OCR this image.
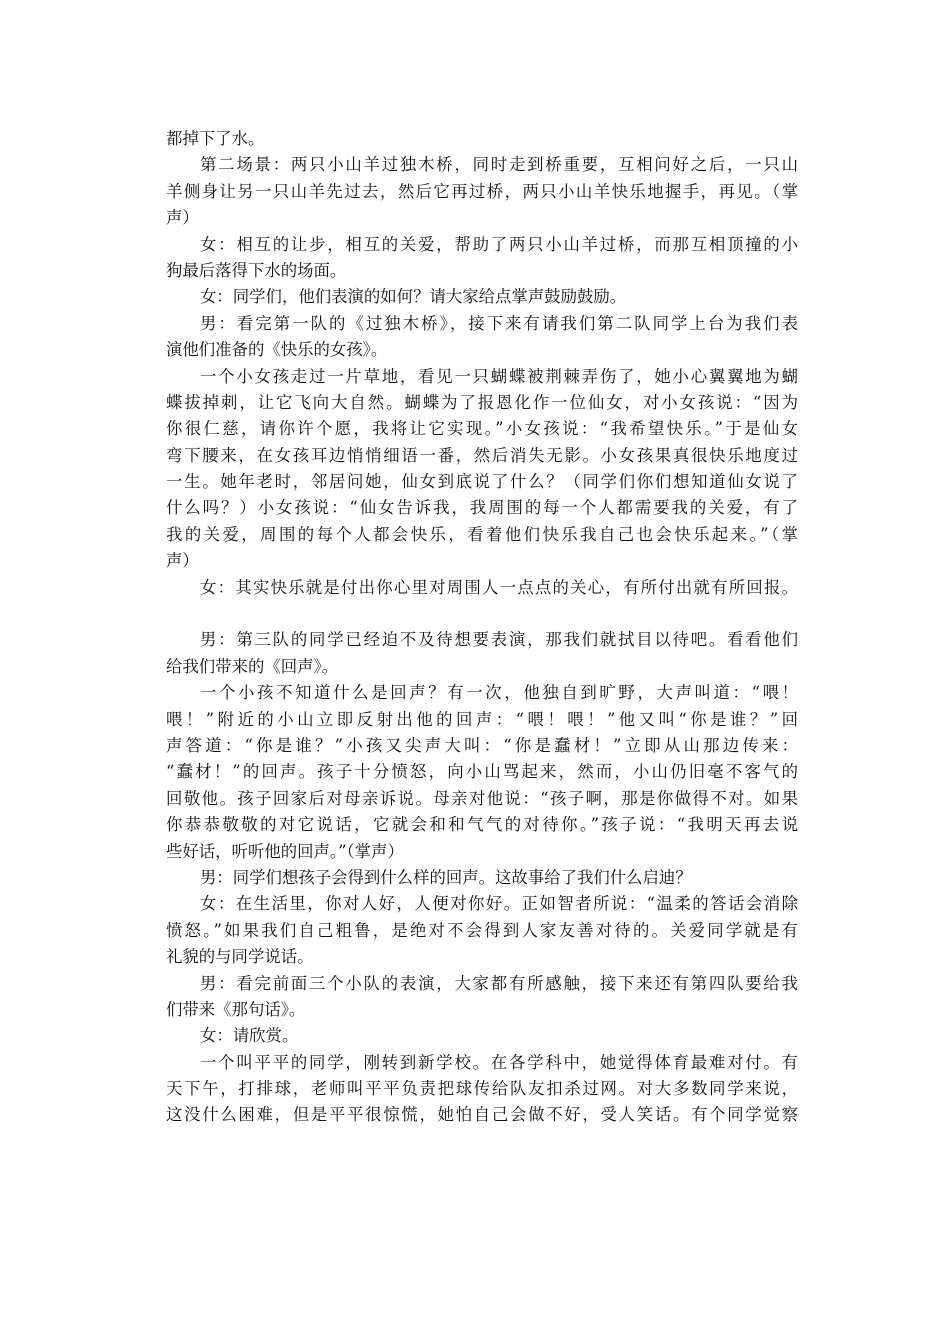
都掉下了水。
第二场景：两只小山羊过独木桥，同时走到桥重要，互相问好之后，一只山
羊侧身让另一只山羊先过去，然后它再过桥，两只小山羊快乐地握手，再见。（掌
声）
女：相互的让步，相互的关爱，帮助了两只小山羊过桥，而那互相顶撞的小
狗最后落得下水的场面。
女：同学们，他们表演的如何？请大家给点掌声鼓励鼓励。
男：看完第一队的《过独木桥》，接下来有请我们第二队同学上台为我们表
演他们准备的《快乐的女孩》。
一个小女孩走过一片草地，看见一只蝴蝶被荆棘弄伤了，她小心翼翼地为蝴
蝶拔掉刺，让它飞向大自然。蝴蝶为了报恩化作一位仙女，对小女孩说：“因为
你很仁慈，请你许个愿，我将让它实现。”小女孩说：“我希望快乐。”于是仙女
弯下腰来，在女孩耳边悄悄细语一番，然后消失无影。小女孩果真很快乐地度过
一生。她年老时，邻居问她，仙女到底说了什么？（同学们你们想知道仙女说了
什么吗？）小女孩说：“仙女告诉我，我周围的每一个人都需要我的关爱，有了
我的关爱，周围的每个人都会快乐，看着他们快乐我自己也会快乐起来。”（掌
声）
女：其实快乐就是付出你心里对周围人一点点的关心，有所付出就有所回报。
男：第三队的同学已经迫不及待想要表演，那我们就拭目以待吧。看看他们
给我们带来的《回声》。
一个小孩不知道什么是回声？有一次，他独自到旷野，大声叫道：“喂！
喂！”附近的小山立即反射出他的回声：“喂！喂！”他又叫“你是谁？”回
声答道：“你是谁？”小孩又尖声大叫：“你是蠢材！”立即从山那边传来：
“蠢材！”的回声。孩子十分愤怒，向小山骂起来，然而，小山仍旧毫不客气的
回敬他。孩子回家后对母亲诉说。母亲对他说：“孩子啊，那是你做得不对。如果
你恭恭敬敬的对它说话，它就会和和气气的对待你。”孩子说：“我明天再去说
些好话，听听他的回声。”（掌声）
男：同学们想孩子会得到什么样的回声。这故事给了我们什么启迪？
女：在生活里，你对人好，人便对你好。正如智者所说：“温柔的答话会消除
愤怒。”如果我们自己粗鲁，是绝对不会得到人家友善对待的。关爱同学就是有
礼貌的与同学说话。
男：看完前面三个小队的表演，大家都有所感触，接下来还有第四队要给我
们带来《那句话》。
女：请欣赏。
一个叫平平的同学，刚转到新学校。在各学科中，她觉得体育最难对付。有
天下午，打排球，老师叫平平负责把球传给队友扣杀过网。对大多数同学来说，
这没什么困难，但是平平很惊慌，她怕自己会做不好，受人笑话。有个同学觉察
